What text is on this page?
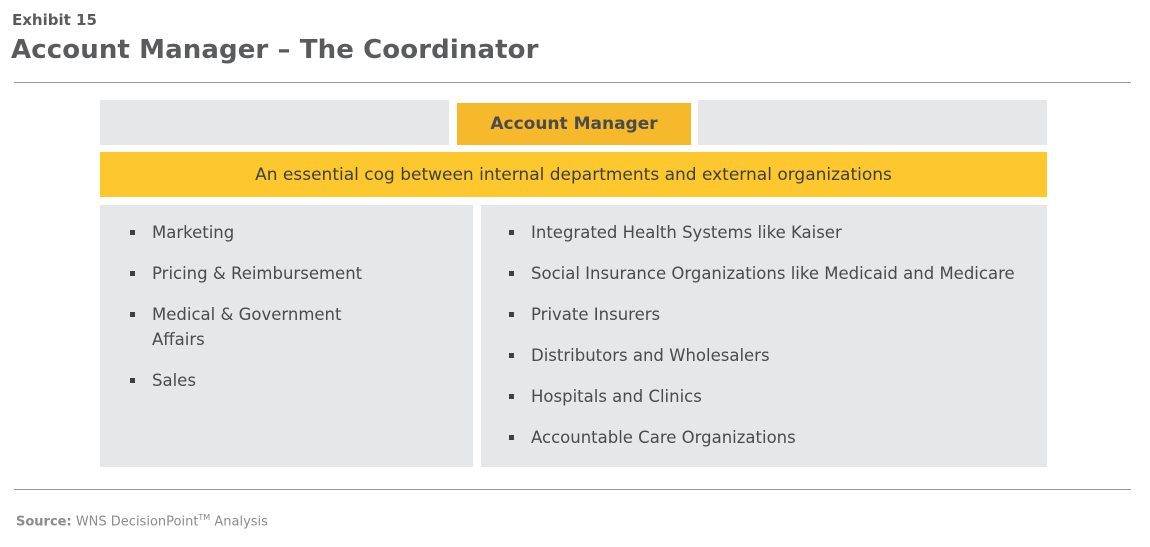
Exhibit 15
Account Manager – The Coordinator
Account Manager
An essential cog between internal departments and external organizations
Marketing
Pricing & Reimbursement
Medical & Government Affairs
Sales
Integrated Health Systems like Kaiser
Social Insurance Organizations like Medicaid and Medicare
Private Insurers
Distributors and Wholesalers
Hospitals and Clinics
Accountable Care Organizations
Source: WNS DecisionPoint™ Analysis
